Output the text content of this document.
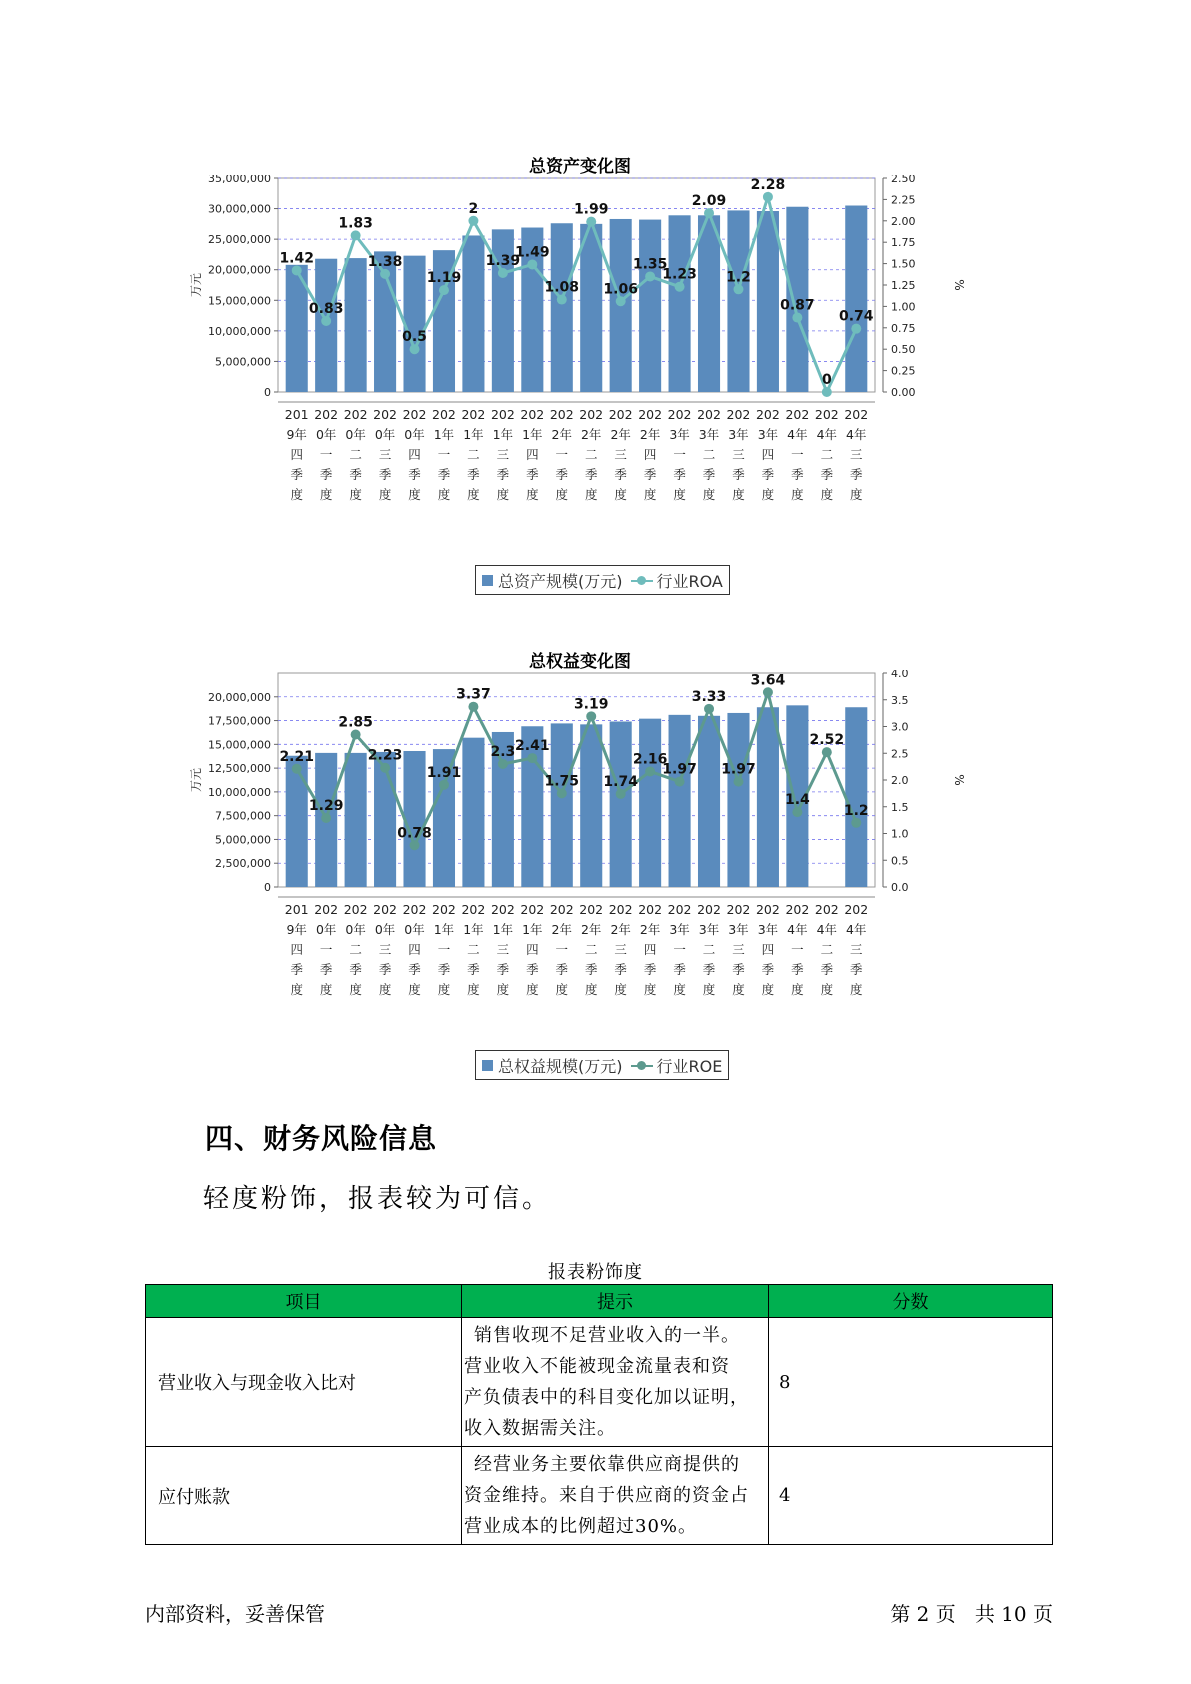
总资产变化图
0
5,000,000
10,000,000
15,000,000
20,000,000
25,000,000
30,000,000
35,000,000
0.00
0.25
0.50
0.75
1.00
1.25
1.50
1.75
2.00
2.25
2.50
万元	%
1.42
0.83
1.83
1.38
0.5
1.19
2
1.39
1.49
1.08
1.99
1.06
1.35
1.23
2.09
1.2
2.28
0.87
0
0.74
201
9年
四
季
度
202
0年
一
季
度
202
0年
二
季
度
202
0年
三
季
度
202
0年
四
季
度
202
1年
一
季
度
202
1年
二
季
度
202
1年
三
季
度
202
1年
四
季
度
202
2年
一
季
度
202
2年
二
季
度
202
2年
三
季
度
202
2年
四
季
度
202
3年
一
季
度
202
3年
二
季
度
202
3年
三
季
度
202
3年
四
季
度
202
4年
一
季
度
202
4年
二
季
度
202
4年
三
季
度
总资产规模(万元) 行业ROA
总权益变化图
0
2,500,000
5,000,000
7,500,000
10,000,000
12,500,000
15,000,000
17,500,000
20,000,000
0.0
0.5
1.0
1.5
2.0
2.5
3.0
3.5
4.0
万元	%
2.21
1.29
2.85
2.23
0.78
1.91
3.37
2.3 2.41
1.75
3.19
1.74
2.16
1.97
3.33
1.97
3.64
1.4
2.52
1.2
201
9年
四
季
度
202
0年
一
季
度
202
0年
二
季
度
202
0年
三
季
度
202
0年
四
季
度
202
1年
一
季
度
202
1年
二
季
度
202
1年
三
季
度
202
1年
四
季
度
202
2年
一
季
度
202
2年
二
季
度
202
2年
三
季
度
202
2年
四
季
度
202
3年
一
季
度
202
3年
二
季
度
202
3年
三
季
度
202
3年
四
季
度
202
4年
一
季
度
202
4年
二
季
度
202
4年
三
季
度
总权益规模(万元) 行业ROE
四、财务风险信息
轻度粉饰，报表较为可信。
报表粉饰度
项目	提示	分数
营业收入与现金收入比对	销售收现不足营业收入的一半。
营业收入不能被现金流量表和资
产负债表中的科目变化加以证明，
收入数据需关注。	8
应付账款	经营业务主要依靠供应商提供的
资金维持。来自于供应商的资金占
营业成本的比例超过30%。	4
内部资料，妥善保管	第 2 页   共 10 页
